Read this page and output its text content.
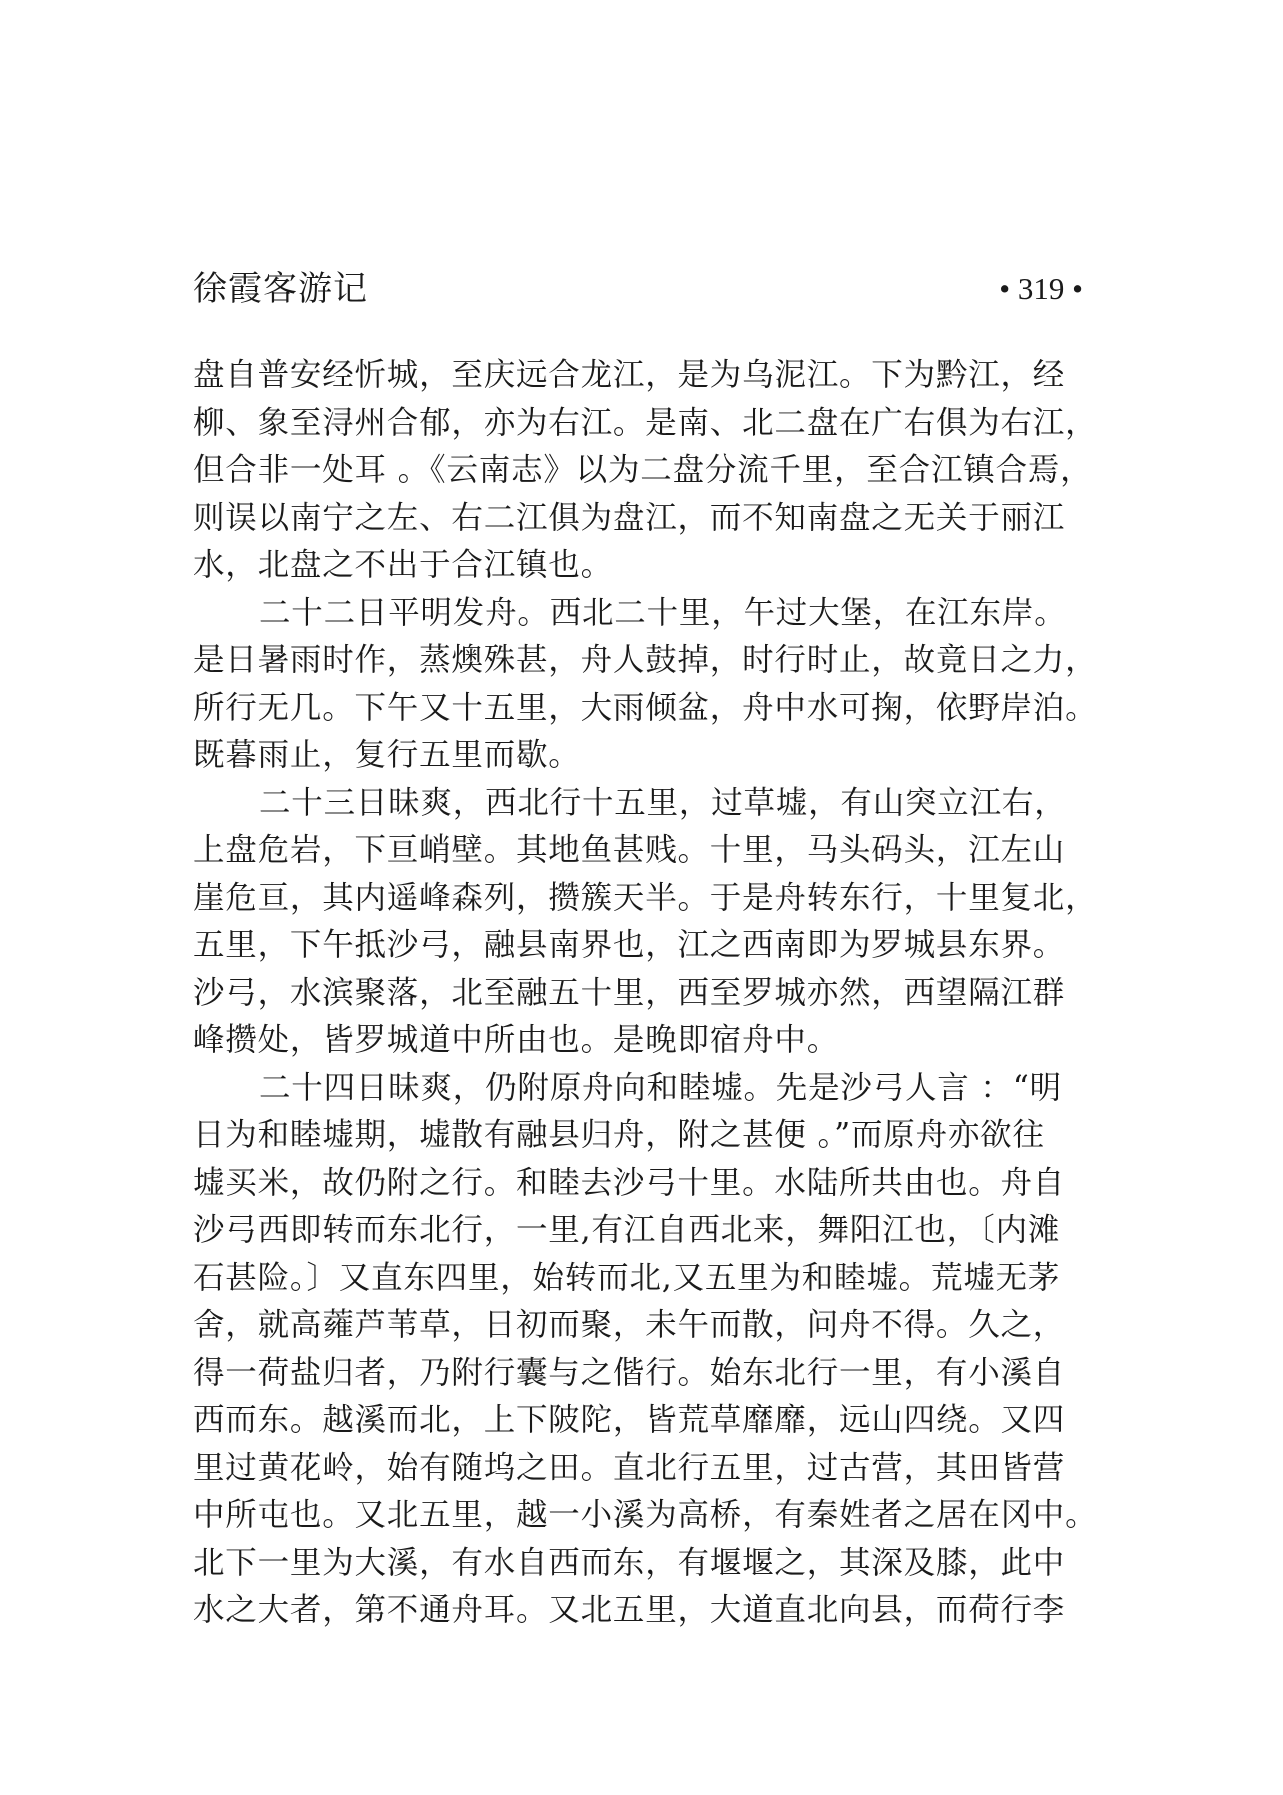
徐霞客游记	• 319 •
盘自普安经忻城，至庆远合龙江，是为乌泥江。下为黔江，经
柳、象至浔州合郁，亦为右江。是南、北二盘在广右俱为右江，
但合非一处耳 。《云南志》以为二盘分流千里，至合江镇合焉，
则误以南宁之左、右二江俱为盘江，而不知南盘之无关于丽江
水，北盘之不出于合江镇也。
二十二日平明发舟。西北二十里，午过大堡，在江东岸。
是日暑雨时作，蒸燠殊甚，舟人鼓掉，时行时止，故竟日之力，
所行无几。下午又十五里，大雨倾盆，舟中水可掬，依野岸泊。
既暮雨止，复行五里而歇。
二十三日昧爽，西北行十五里，过草墟，有山突立江右，
上盘危岩，下亘峭壁。其地鱼甚贱。十里，马头码头，江左山
崖危亘，其内遥峰森列，攒簇天半。于是舟转东行，十里复北，
五里，下午抵沙弓，融县南界也，江之西南即为罗城县东界。
沙弓，水滨聚落，北至融五十里，西至罗城亦然，西望隔江群
峰攒处，皆罗城道中所由也。是晚即宿舟中。
二十四日昧爽，仍附原舟向和睦墟。先是沙弓人言 ：“明
日为和睦墟期，墟散有融县归舟，附之甚便 。”而原舟亦欲往
墟买米，故仍附之行。和睦去沙弓十里。水陆所共由也。舟自
沙弓西即转而东北行，一里,有江自西北来，舞阳江也，〔内滩
石甚险。〕又直东四里，始转而北,又五里为和睦墟。荒墟无茅
舍，就高蕹芦苇草，日初而聚，未午而散，问舟不得。久之，
得一荷盐归者，乃附行囊与之偕行。始东北行一里，有小溪自
西而东。越溪而北，上下陂陀，皆荒草靡靡，远山四绕。又四
里过黄花岭，始有随坞之田。直北行五里，过古营，其田皆营
中所屯也。又北五里，越一小溪为高桥，有秦姓者之居在冈中。
北下一里为大溪，有水自西而东，有堰堰之，其深及膝，此中
水之大者，第不通舟耳。又北五里，大道直北向县，而荷行李
